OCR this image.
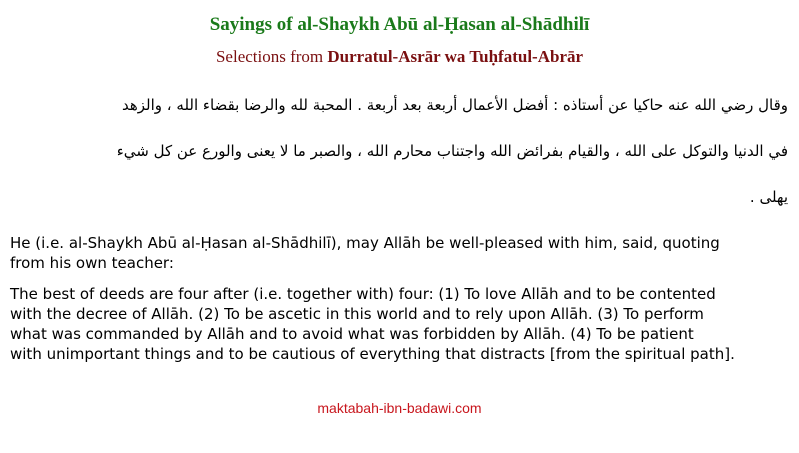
Sayings of al-Shaykh Abū al-Ḥasan al-Shādhilī

Selections from Durratul-Asrār wa Tuḥfatul-Abrār

وقال رضي الله عنه حاكيا عن أستاذه : أفضل الأعمال أربعة بعد أربعة . المحبة لله والرضا بقضاء الله ، والزهد
في الدنيا والتوكل على الله ، والقيام بفرائض الله واجتناب محارم الله ، والصبر ما لا يعنى والورع عن كل شيء
يهلى .
He (i.e. al-Shaykh Abū al-Ḥasan al-Shādhilī), may Allāh be well-pleased with him, said, quoting
from his own teacher:
The best of deeds are four after (i.e. together with) four: (1) To love Allāh and to be contented
with the decree of Allāh. (2) To be ascetic in this world and to rely upon Allāh. (3) To perform
what was commanded by Allāh and to avoid what was forbidden by Allāh. (4) To be patient
with unimportant things and to be cautious of everything that distracts [from the spiritual path].
maktabah-ibn-badawi.com
